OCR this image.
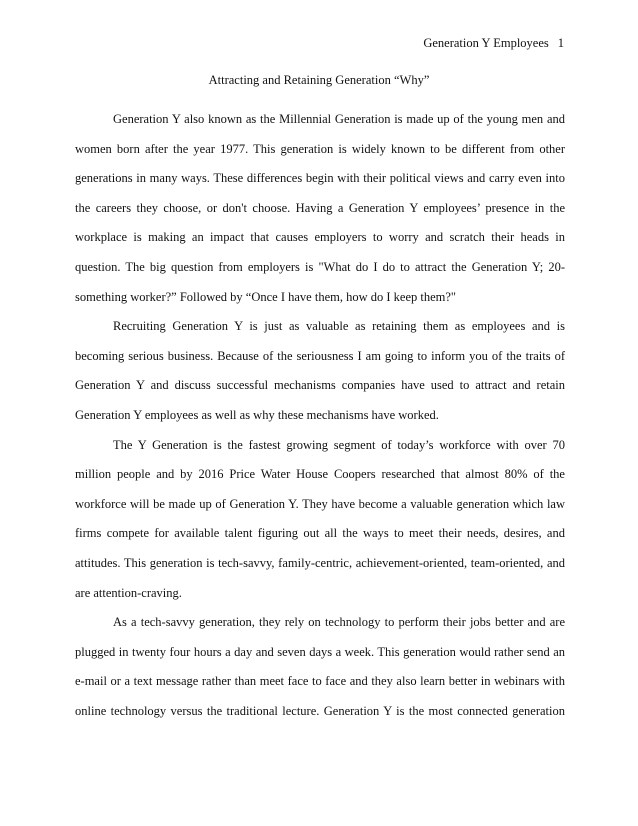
Generation Y Employees 1
Attracting and Retaining Generation “Why”
Generation Y also known as the Millennial Generation is made up of the young men and
women born after the year 1977. This generation is widely known to be different from other
generations in many ways. These differences begin with their political views and carry even into
the careers they choose, or don't choose. Having a Generation Y employees’ presence in the
workplace is making an impact that causes employers to worry and scratch their heads in
question. The big question from employers is "What do I do to attract the Generation Y; 20-
something worker?” Followed by “Once I have them, how do I keep them?"
Recruiting Generation Y is just as valuable as retaining them as employees and is
becoming serious business. Because of the seriousness I am going to inform you of the traits of
Generation Y and discuss successful mechanisms companies have used to attract and retain
Generation Y employees as well as why these mechanisms have worked.
The Y Generation is the fastest growing segment of today’s workforce with over 70
million people and by 2016 Price Water House Coopers researched that almost 80% of the
workforce will be made up of Generation Y. They have become a valuable generation which law
firms compete for available talent figuring out all the ways to meet their needs, desires, and
attitudes. This generation is tech-savvy, family-centric, achievement-oriented, team-oriented, and
are attention-craving.
As a tech-savvy generation, they rely on technology to perform their jobs better and are
plugged in twenty four hours a day and seven days a week. This generation would rather send an
e-mail or a text message rather than meet face to face and they also learn better in webinars with
online technology versus the traditional lecture. Generation Y is the most connected generation
